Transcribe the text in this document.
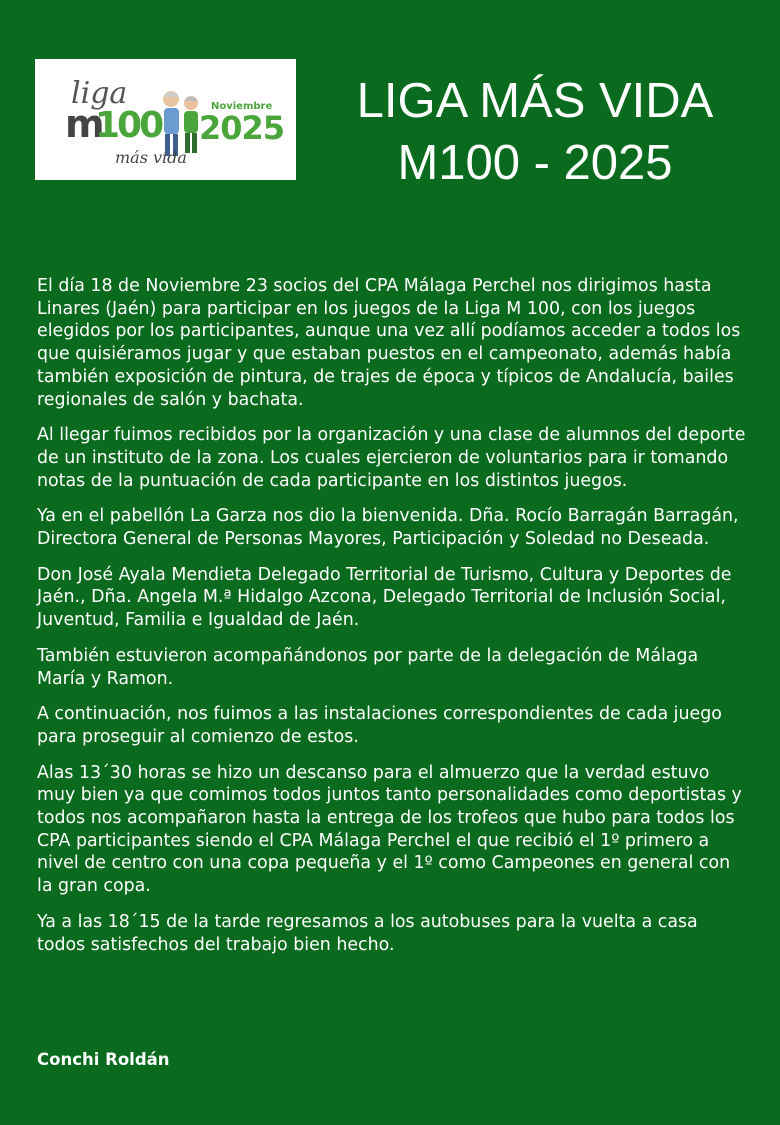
liga
m
100	Noviembre
2025
más vida
LIGA MÁS VIDA
M100 - 2025

El día 18 de Noviembre 23 socios del CPA Málaga Perchel nos dirigimos hasta Linares (Jaén) para participar en los juegos de la Liga M 100, con los juegos elegidos por los participantes, aunque una vez allí podíamos acceder a todos los que quisiéramos jugar y que estaban puestos en el campeonato, además había también exposición de pintura, de trajes de época y típicos de Andalucía, bailes regionales de salón y bachata.

Al llegar fuimos recibidos por la organización y una clase de alumnos del deporte de un instituto de la zona. Los cuales ejercieron de voluntarios para ir tomando notas de la puntuación de cada participante en los distintos juegos.

Ya en el pabellón La Garza nos dio la bienvenida. Dña. Rocío Barragán Barragán, Directora General de Personas Mayores, Participación y Soledad no Deseada.

Don José Ayala Mendieta Delegado Territorial de Turismo, Cultura y Deportes de Jaén., Dña. Angela M.ª Hidalgo Azcona, Delegado Territorial de Inclusión Social, Juventud, Familia e Igualdad de Jaén.

También estuvieron acompañándonos por parte de la delegación de Málaga María y Ramon.

A continuación, nos fuimos a las instalaciones correspondientes de cada juego para proseguir al comienzo de estos.

Alas 13´30 horas se hizo un descanso para el almuerzo que la verdad estuvo muy bien ya que comimos todos juntos tanto personalidades como deportistas y todos nos acompañaron hasta la entrega de los trofeos que hubo para todos los CPA participantes siendo el CPA Málaga Perchel el que recibió el 1º primero a nivel de centro con una copa pequeña y el 1º como Campeones en general con la gran copa.

Ya a las 18´15 de la tarde regresamos a los autobuses para la vuelta a casa todos satisfechos del trabajo bien hecho.

Conchi Roldán
